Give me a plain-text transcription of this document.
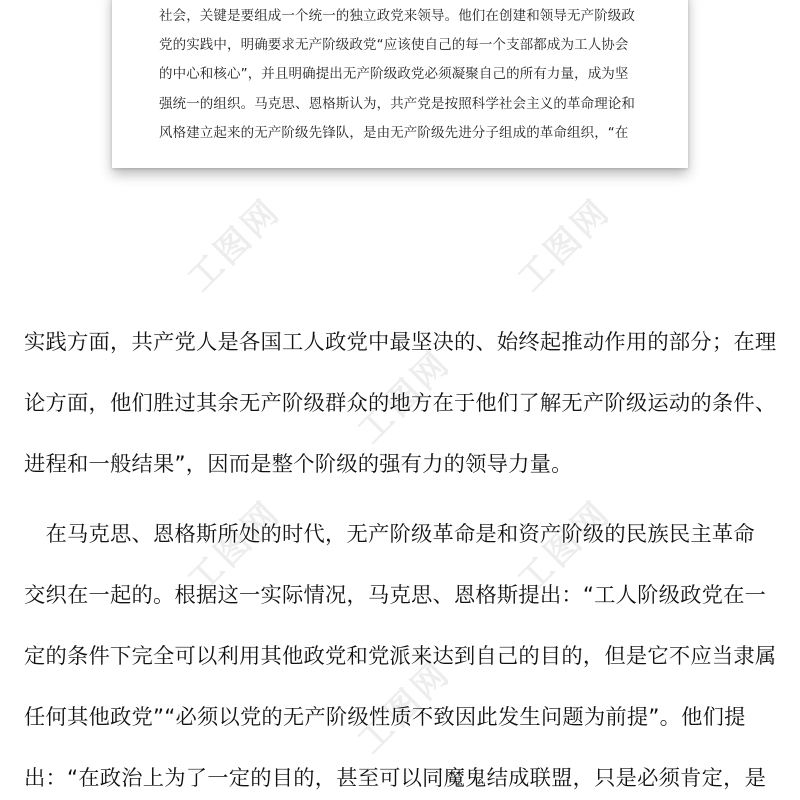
工图网	工图网
工图网
工图网	工图网
工图网
社会，关键是要组成一个统一的独立政党来领导。他们在创建和领导无产阶级政
党的实践中，明确要求无产阶级政党“应该使自己的每一个支部都成为工人协会
的中心和核心”，并且明确提出无产阶级政党必须凝聚自己的所有力量，成为坚
强统一的组织。马克思、恩格斯认为，共产党是按照科学社会主义的革命理论和
风格建立起来的无产阶级先锋队，是由无产阶级先进分子组成的革命组织，“在
实践方面，共产党人是各国工人政党中最坚决的、始终起推动作用的部分；在理
论方面，他们胜过其余无产阶级群众的地方在于他们了解无产阶级运动的条件、
进程和一般结果”，因而是整个阶级的强有力的领导力量。
　在马克思、恩格斯所处的时代，无产阶级革命是和资产阶级的民族民主革命
交织在一起的。根据这一实际情况，马克思、恩格斯提出：“工人阶级政党在一
定的条件下完全可以利用其他政党和党派来达到自己的目的，但是它不应当隶属
任何其他政党”“必须以党的无产阶级性质不致因此发生问题为前提”。他们提
出：“在政治上为了一定的目的，甚至可以同魔鬼结成联盟，只是必须肯定，是
